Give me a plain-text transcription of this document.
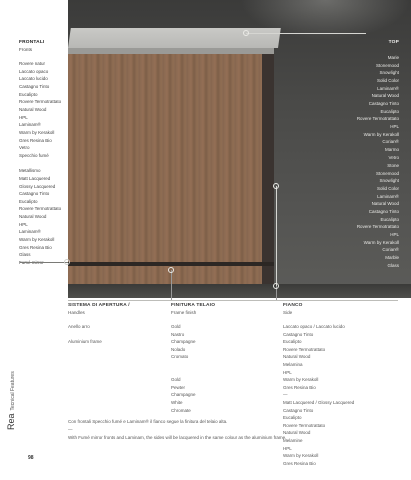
FRONTALI
Fronts
Rovere natur
Laccato opaco
Laccato lucido
Castagno Tinto
Eucalipto
Rovere Termotrattato
Natural Wood
HPL
Laminam®
Warm by Kerakoll
Gres Resina Bio
Vetro
Specchio fumé

Metallismo
Matt Lacquered
Glossy Lacquered
Castagno Tinto
Eucalipto
Rovere Termotrattato
Natural Wood
HPL
Laminam®
Warm by Kerakoll
Gres Resina Bio
Glass
TOP
Marie
Stonemood
Snowlight
Solid Color
Laminam®
Natural Wood
Castagno Tinto
Eucalipto
Rovere Termotrattato
HPL
Warm by Kerakoll
Corian®
Marmo
Vetro
Stone
Stonemood
Snowlight
Solid Color
Laminam®
Natural Wood
Castagno Tinto
Eucalipto
Rovere Termotrattato
HPL
Warm by Kerakoll
Corian®
Marble
Glass
SISTEMA DI APERTURA /
Handles
Anello arro

Aluminium frame
FINITURA TELAIO
Frame finish
Gold
Nastro
Champagne
Nolado
Cromato

Gold
Pewter
Champagne
White
Chromate
FIANCO
Side
Laccato opaco / Laccato lucido
Castagno Tinto
Eucalipto
Rovere Termotrattato
Natural Wood
Melamina
HPL
Warm by Kerakoll
Gres Resina Bio
—
Matt Lacquered / Glossy Lacquered
Castagno Tinto
Eucalipto
Rovere Termotrattato
Natural Wood
Melamine
HPL
Warm by Kerakoll
Gres Resina Bio
Con frontali Specchio fumé e Laminam® il fianco segue la finitura del telaio alta.
—
With Fumé mirror fronts and Laminam, the sides will be lacquered in the same colour as the aluminium frame.
ReaTecnical Features
98
